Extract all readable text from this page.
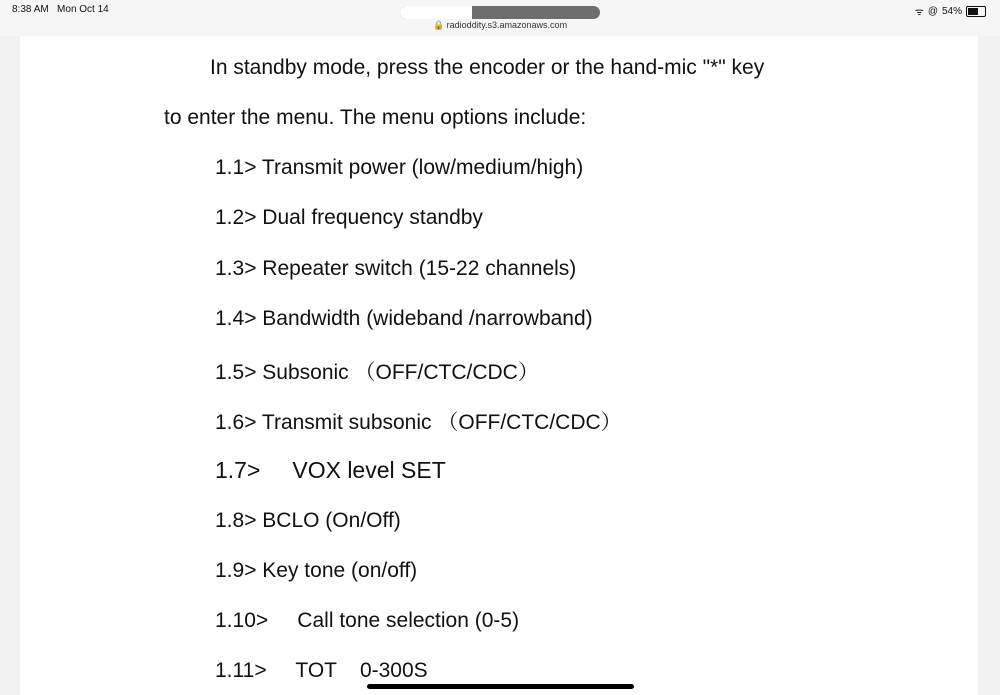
8:38 AM Mon Oct 14
🔒 radioddity.s3.amazonaws.com
ᯤ @ 54%
In standby mode, press the encoder or the hand-mic "*" key
to enter the menu. The menu options include:
1.1> Transmit power (low/medium/high)
1.2> Dual frequency standby
1.3> Repeater switch (15-22 channels)
1.4> Bandwidth (wideband /narrowband)
1.5> Subsonic （OFF/CTC/CDC）
1.6> Transmit subsonic （OFF/CTC/CDC）
1.7>     VOX level SET
1.8> BCLO (On/Off)
1.9> Key tone (on/off)
1.10>     Call tone selection (0-5)
1.11>     TOT    0-300S
